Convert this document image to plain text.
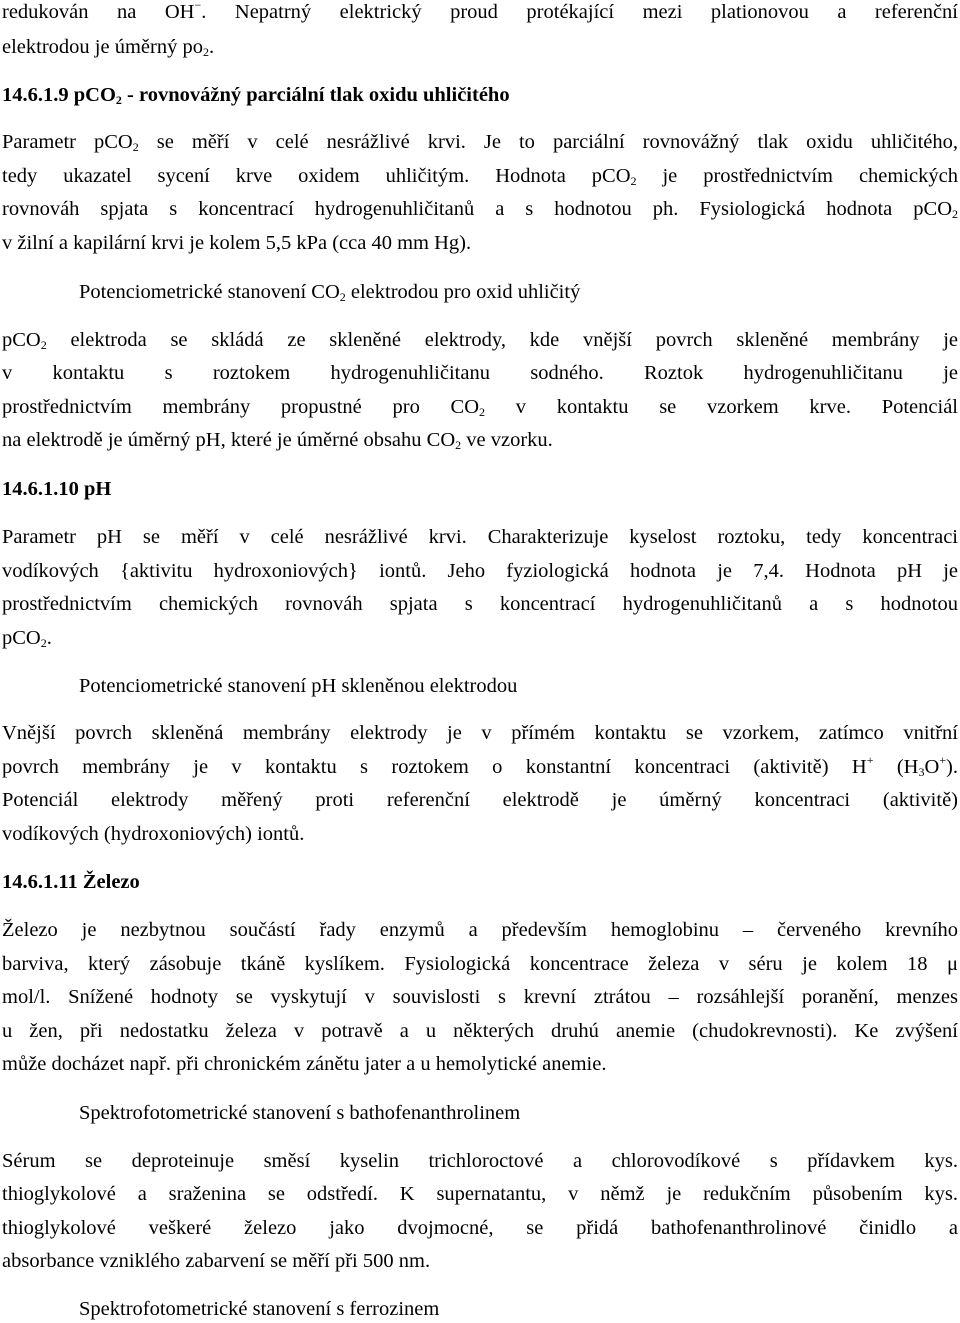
redukován na OH−. Nepatrný elektrický proud protékající mezi plationovou a referenční
elektrodou je úměrný $po_2$.
14.6.1.9 pCO$_2$ - rovnovážný parciální tlak oxidu uhličitého
Parametr pCO$_2$ se měří v celé nesrážlivé krvi. Je to parciální rovnovážný tlak oxidu uhličitého,
tedy ukazatel sycení krve oxidem uhličitým. Hodnota pCO$_2$ je prostřednictvím chemických
rovnováh spjata s koncentrací hydrogenuhličitanů a s hodnotou ph. Fysiologická hodnota pCO$_2$
v žilní a kapilární krvi je kolem 5,5 kPa (cca 40 mm Hg).
Potenciometrické stanovení $CO_2$ elektrodou pro oxid uhličitý
pCO$_2$ elektroda se skládá ze skleněné elektrody, kde vnější povrch skleněné membrány je
v kontaktu s roztokem hydrogenuhličitanu sodného. Roztok hydrogenuhličitanu je
prostřednictvím membrány propustné pro $CO_2$ v kontaktu se vzorkem krve. Potenciál
na elektrodě je úměrný pH, které je úměrné obsahu $CO_2$ ve vzorku.
14.6.1.10 pH
Parametr pH se měří v celé nesrážlivé krvi. Charakterizuje kyselost roztoku, tedy koncentraci
vodíkových {aktivitu hydroxoniových} iontů. Jeho fyziologická hodnota je 7,4. Hodnota pH je
prostřednictvím chemických rovnováh spjata s koncentrací hydrogenuhličitanů a s hodnotou
pCO$_2$.
Potenciometrické stanovení pH skleněnou elektrodou
Vnější povrch skleněná membrány elektrody je v přímém kontaktu se vzorkem, zatímco vnitřní
povrch membrány je v kontaktu s roztokem o konstantní koncentraci (aktivitě) H+ $(H_3O^+)$.
Potenciál elektrody měřený proti referenční elektrodě je úměrný koncentraci (aktivitě)
vodíkových (hydroxoniových) iontů.
14.6.1.11 Železo
Železo je nezbytnou součástí řady enzymů a především hemoglobinu – červeného krevního
barviva, který zásobuje tkáně kyslíkem. Fysiologická koncentrace železa v séru je kolem 18 μ
mol/l. Snížené hodnoty se vyskytují v souvislosti s krevní ztrátou – rozsáhlejší poranění, menzes
u žen, při nedostatku železa v potravě a u některých druhú anemie (chudokrevnosti). Ke zvýšení
může docházet např. při chronickém zánětu jater a u hemolytické anemie.
Spektrofotometrické stanovení s bathofenanthrolinem
Sérum se deproteinuje směsí kyselin trichloroctové a chlorovodíkové s přídavkem kys.
thioglykolové a sraženina se odstředí. K supernatantu, v němž je redukčním působením kys.
thioglykolové veškeré železo jako dvojmocné, se přidá bathofenanthrolinové činidlo a
absorbance vzniklého zabarvení se měří při 500 nm.
Spektrofotometrické stanovení s ferrozinem
